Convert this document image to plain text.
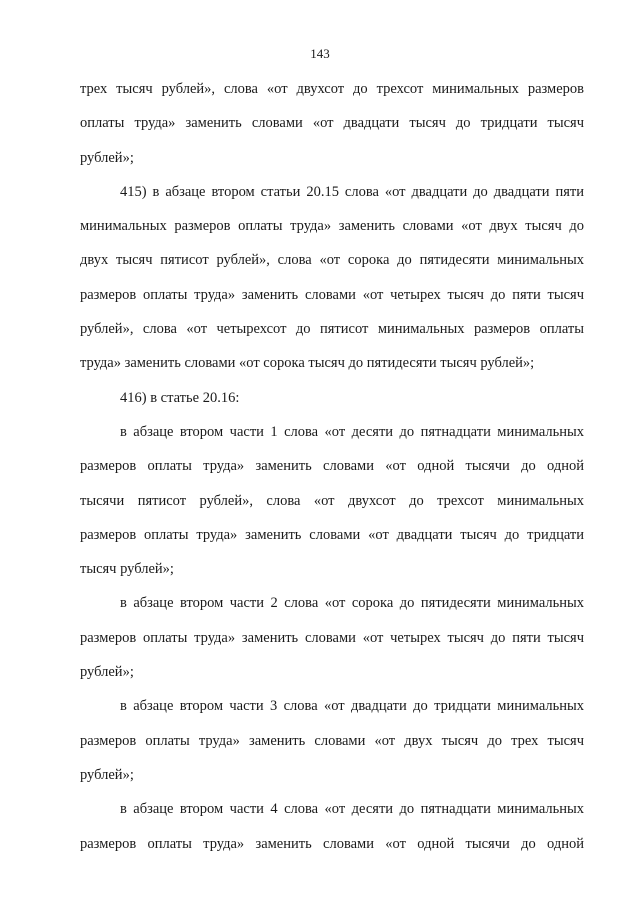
143
трех тысяч рублей», слова «от двухсот до трехсот минимальных размеров
оплаты труда» заменить словами «от двадцати тысяч до тридцати тысяч
рублей»;
415) в абзаце втором статьи 20.15 слова «от двадцати до двадцати пяти
минимальных размеров оплаты труда» заменить словами «от двух тысяч до
двух тысяч пятисот рублей», слова «от сорока до пятидесяти минимальных
размеров оплаты труда» заменить словами «от четырех тысяч до пяти тысяч
рублей», слова «от четырехсот до пятисот минимальных размеров оплаты
труда» заменить словами «от сорока тысяч до пятидесяти тысяч рублей»;
416) в статье 20.16:
в абзаце втором части 1 слова «от десяти до пятнадцати минимальных
размеров оплаты труда» заменить словами «от одной тысячи до одной
тысячи пятисот рублей», слова «от двухсот до трехсот минимальных
размеров оплаты труда» заменить словами «от двадцати тысяч до тридцати
тысяч рублей»;
в абзаце втором части 2 слова «от сорока до пятидесяти минимальных
размеров оплаты труда» заменить словами «от четырех тысяч до пяти тысяч
рублей»;
в абзаце втором части 3 слова «от двадцати до тридцати минимальных
размеров оплаты труда» заменить словами «от двух тысяч до трех тысяч
рублей»;
в абзаце втором части 4 слова «от десяти до пятнадцати минимальных
размеров оплаты труда» заменить словами «от одной тысячи до одной
